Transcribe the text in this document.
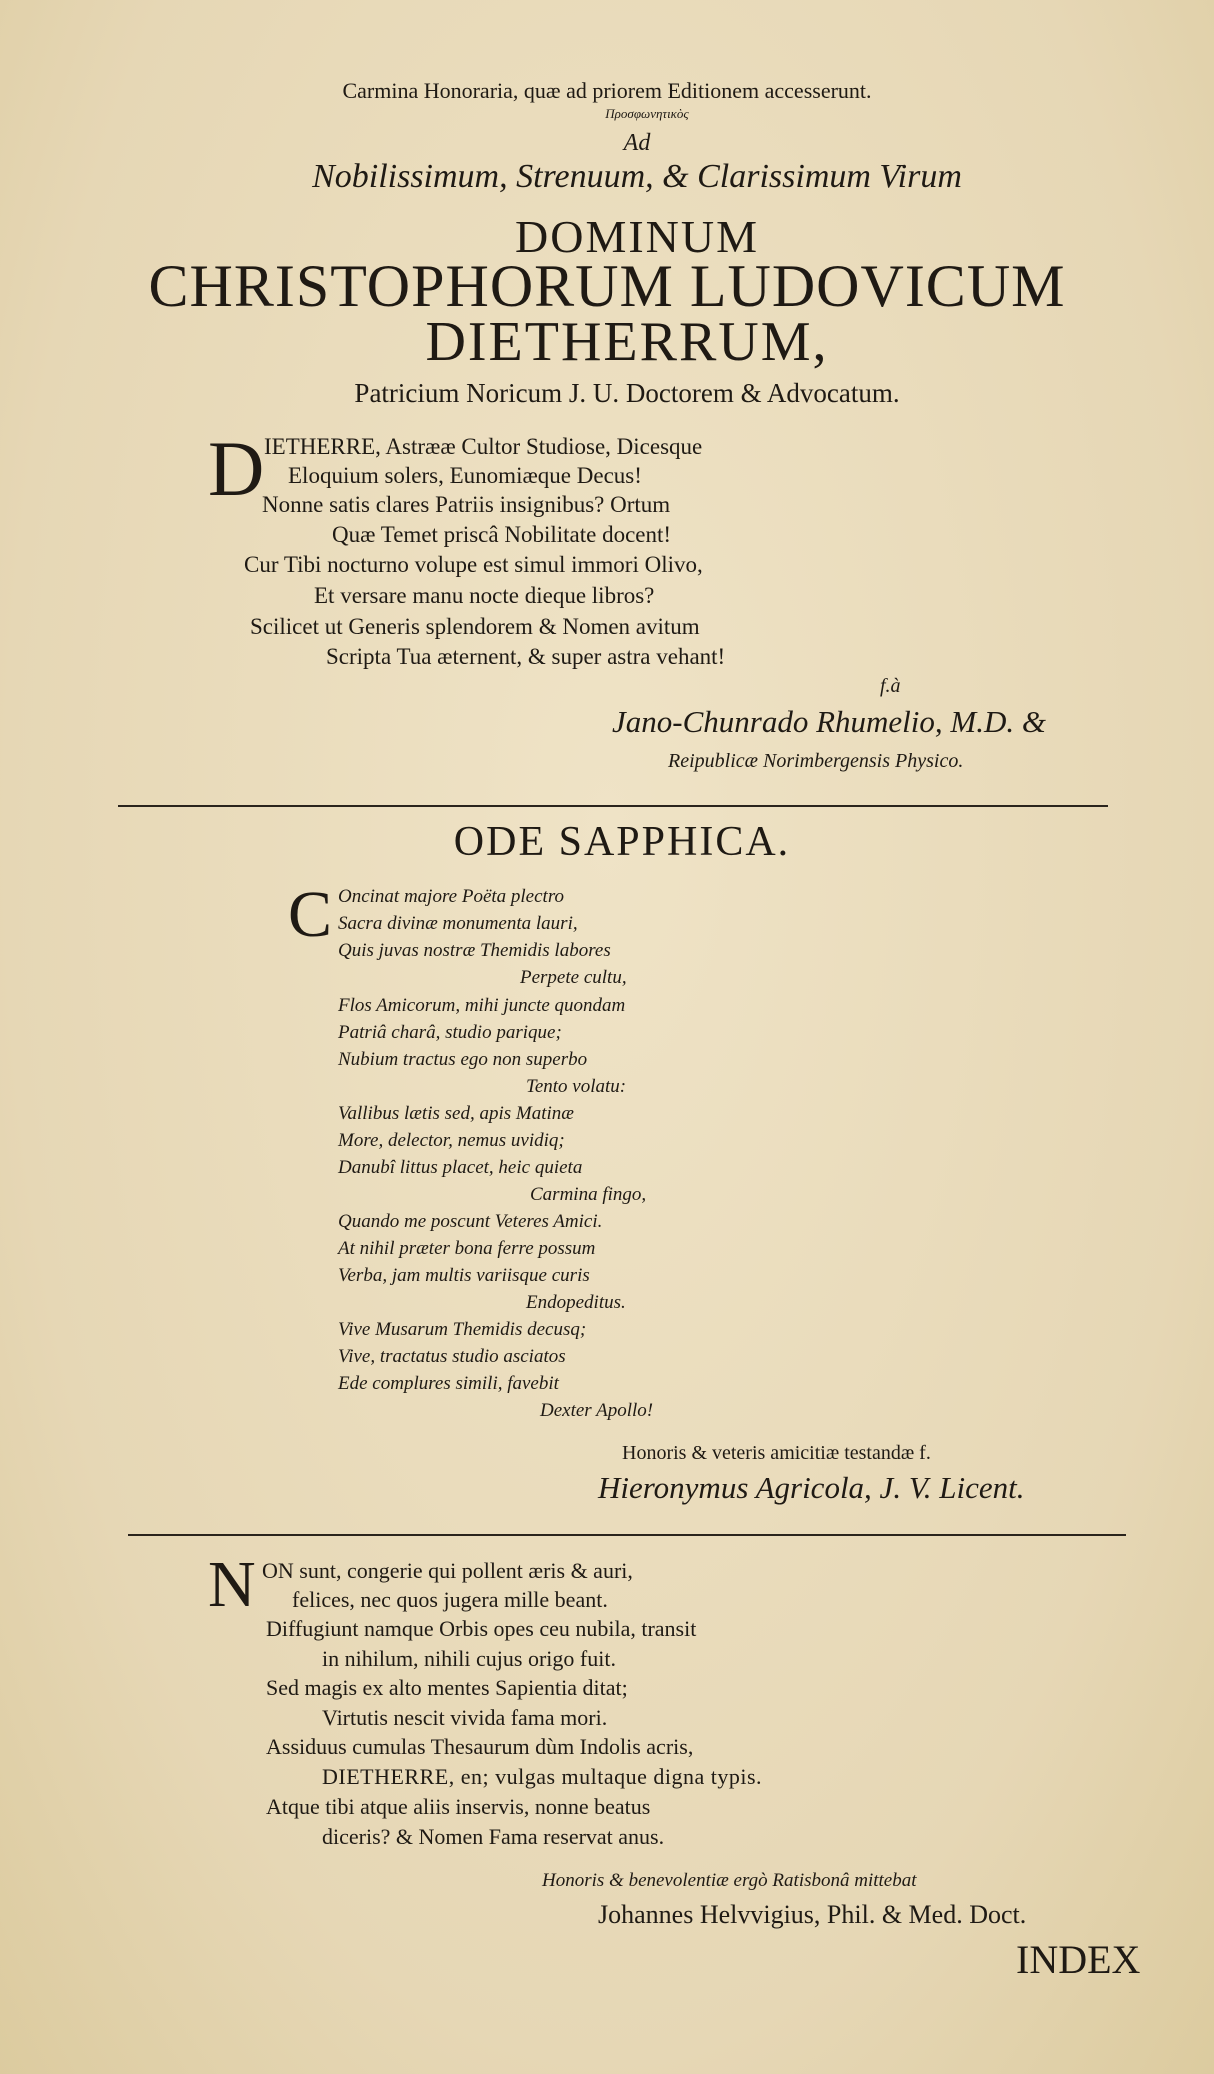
Carmina Honoraria, quæ ad priorem Editionem accesserunt.
Προσφωνητικὸς
Ad
Nobilissimum, Strenuum, & Clarissimum Virum
DOMINUM
CHRISTOPHORUM LUDOVICUM
DIETHERRUM,
Patricium Noricum J. U. Doctorem & Advocatum.
D IETHERRE, Astrææ Cultor Studiose, Dicesque
Eloquium solers, Eunomiæque Decus!
Nonne satis clares Patriis insignibus? Ortum
Quæ Temet priscâ Nobilitate docent!
Cur Tibi nocturno volupe est simul immori Olivo,
Et versare manu nocte dieque libros?
Scilicet ut Generis splendorem & Nomen avitum
Scripta Tua æternent, & super astra vehant!
f.à
Jano-Chunrado Rhumelio, M.D. &
Reipublicæ Norimbergensis Physico.
ODE SAPPHICA.
C Oncinat majore Poëta plectro
Sacra divinæ monumenta lauri,
Quis juvas nostræ Themidis labores
Perpete cultu,
Flos Amicorum, mihi juncte quondam
Patriâ charâ, studio parique;
Nubium tractus ego non superbo
Tento volatu:
Vallibus lætis sed, apis Matinæ
More, delector, nemus uvidiq;
Danubî littus placet, heic quieta
Carmina fingo,
Quando me poscunt Veteres Amici.
At nihil præter bona ferre possum
Verba, jam multis variisque curis
Endopeditus.
Vive Musarum Themidis decusq;
Vive, tractatus studio asciatos
Ede complures simili, favebit
Dexter Apollo!
Honoris & veteris amicitiæ testandæ f.
Hieronymus Agricola, J. V. Licent.
N ON sunt, congerie qui pollent æris & auri,
felices, nec quos jugera mille beant.
Diffugiunt namque Orbis opes ceu nubila, transit
in nihilum, nihili cujus origo fuit.
Sed magis ex alto mentes Sapientia ditat;
Virtutis nescit vivida fama mori.
Assiduus cumulas Thesaurum dùm Indolis acris,
DIETHERRE, en; vulgas multaque digna typis.
Atque tibi atque aliis inservis, nonne beatus
diceris? & Nomen Fama reservat anus.
Honoris & benevolentiæ ergò Ratisbonâ mittebat
Johannes Helvvigius, Phil. & Med. Doct.
INDEX
